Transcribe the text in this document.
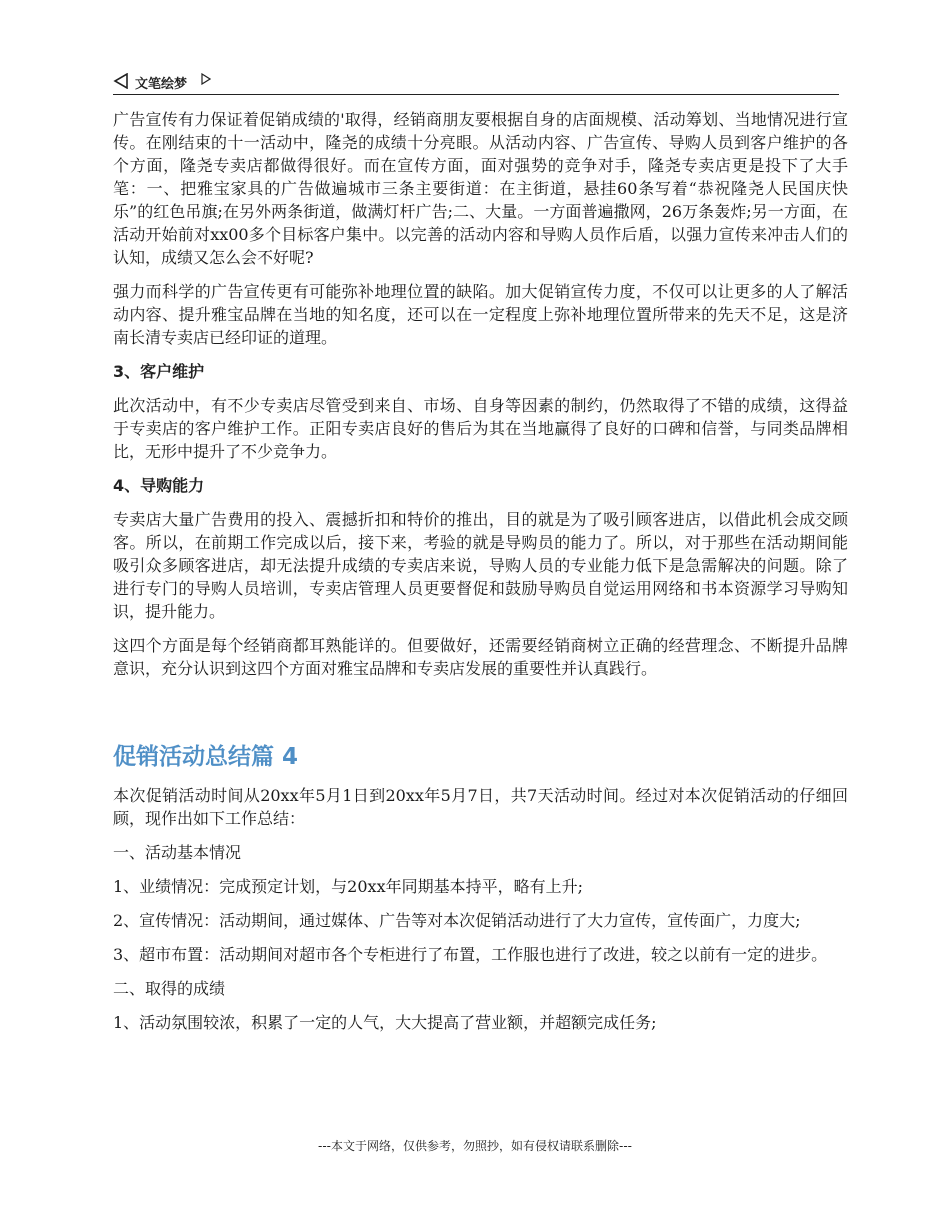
文笔绘梦

广告宣传有力保证着促销成绩的'取得，经销商朋友要根据自身的店面规模、活动筹划、当地情况进行宣传。在刚结束的十一活动中，隆尧的成绩十分亮眼。从活动内容、广告宣传、导购人员到客户维护的各个方面，隆尧专卖店都做得很好。而在宣传方面，面对强势的竞争对手，隆尧专卖店更是投下了大手笔：一、把雅宝家具的广告做遍城市三条主要街道：在主街道，悬挂60条写着“恭祝隆尧人民国庆快乐”的红色吊旗;在另外两条街道，做满灯杆广告;二、大量。一方面普遍撒网，26万条轰炸;另一方面，在活动开始前对xx00多个目标客户集中。以完善的活动内容和导购人员作后盾，以强力宣传来冲击人们的认知，成绩又怎么会不好呢?

强力而科学的广告宣传更有可能弥补地理位置的缺陷。加大促销宣传力度，不仅可以让更多的人了解活动内容、提升雅宝品牌在当地的知名度，还可以在一定程度上弥补地理位置所带来的先天不足，这是济南长清专卖店已经印证的道理。

3、客户维护

此次活动中，有不少专卖店尽管受到来自、市场、自身等因素的制约，仍然取得了不错的成绩，这得益于专卖店的客户维护工作。正阳专卖店良好的售后为其在当地赢得了良好的口碑和信誉，与同类品牌相比，无形中提升了不少竞争力。

4、导购能力

专卖店大量广告费用的投入、震撼折扣和特价的推出，目的就是为了吸引顾客进店，以借此机会成交顾客。所以，在前期工作完成以后，接下来，考验的就是导购员的能力了。所以，对于那些在活动期间能吸引众多顾客进店，却无法提升成绩的专卖店来说，导购人员的专业能力低下是急需解决的问题。除了进行专门的导购人员培训，专卖店管理人员更要督促和鼓励导购员自觉运用网络和书本资源学习导购知识，提升能力。

这四个方面是每个经销商都耳熟能详的。但要做好，还需要经销商树立正确的经营理念、不断提升品牌意识，充分认识到这四个方面对雅宝品牌和专卖店发展的重要性并认真践行。

促销活动总结篇 4

本次促销活动时间从20xx年5月1日到20xx年5月7日，共7天活动时间。经过对本次促销活动的仔细回顾，现作出如下工作总结：

一、活动基本情况

1、业绩情况：完成预定计划，与20xx年同期基本持平，略有上升;

2、宣传情况：活动期间，通过媒体、广告等对本次促销活动进行了大力宣传，宣传面广，力度大;

3、超市布置：活动期间对超市各个专柜进行了布置，工作服也进行了改进，较之以前有一定的进步。

二、取得的成绩

1、活动氛围较浓，积累了一定的人气，大大提高了营业额，并超额完成任务;

---本文于网络，仅供参考，勿照抄，如有侵权请联系删除---
